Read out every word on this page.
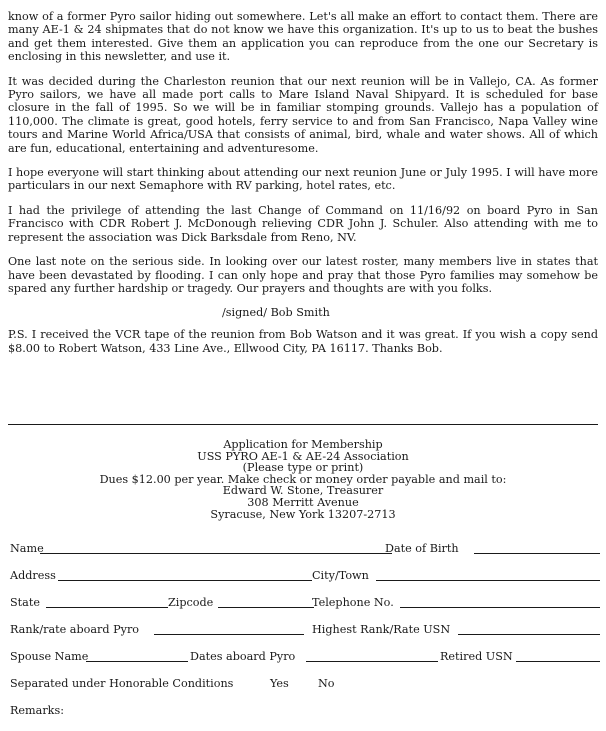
know of a former Pyro sailor hiding out somewhere. Let's all make an effort to contact them. There are many AE-1 & 24 shipmates that do not know we have this organization. It's up to us to beat the bushes and get them interested. Give them an application you can reproduce from the one our Secretary is enclosing in this newsletter, and use it.

It was decided during the Charleston reunion that our next reunion will be in Vallejo, CA. As former Pyro sailors, we have all made port calls to Mare Island Naval Shipyard. It is scheduled for base closure in the fall of 1995. So we will be in familiar stomping grounds. Vallejo has a population of 110,000. The climate is great, good hotels, ferry service to and from San Francisco, Napa Valley wine tours and Marine World Africa/USA that consists of animal, bird, whale and water shows. All of which are fun, educational, entertaining and adventuresome.

I hope everyone will start thinking about attending our next reunion June or July 1995. I will have more particulars in our next Semaphore with RV parking, hotel rates, etc.

I had the privilege of attending the last Change of Command on 11/16/92 on board Pyro in San Francisco with CDR Robert J. McDonough relieving CDR John J. Schuler. Also attending with me to represent the association was Dick Barksdale from Reno, NV.

One last note on the serious side. In looking over our latest roster, many members live in states that have been devastated by flooding. I can only hope and pray that those Pyro families may somehow be spared any further hardship or tragedy. Our prayers and thoughts are with you folks.

/signed/ Bob Smith

P.S. I received the VCR tape of the reunion from Bob Watson and it was great. If you wish a copy send $8.00 to Robert Watson, 433 Line Ave., Ellwood City, PA 16117. Thanks Bob.

Application for Membership
USS PYRO AE-1 & AE-24 Association
(Please type or print)
Dues $12.00 per year. Make check or money order payable and mail to:
Edward W. Stone, Treasurer
308 Merritt Avenue
Syracuse, New York 13207-2713
Name	Date of Birth
Address	City/Town
State	Zipcode	Telephone No.
Rank/rate aboard Pyro	Highest Rank/Rate USN
Spouse Name	Dates aboard Pyro	Retired USN
Separated under Honorable Conditions	Yes	No
Remarks:
